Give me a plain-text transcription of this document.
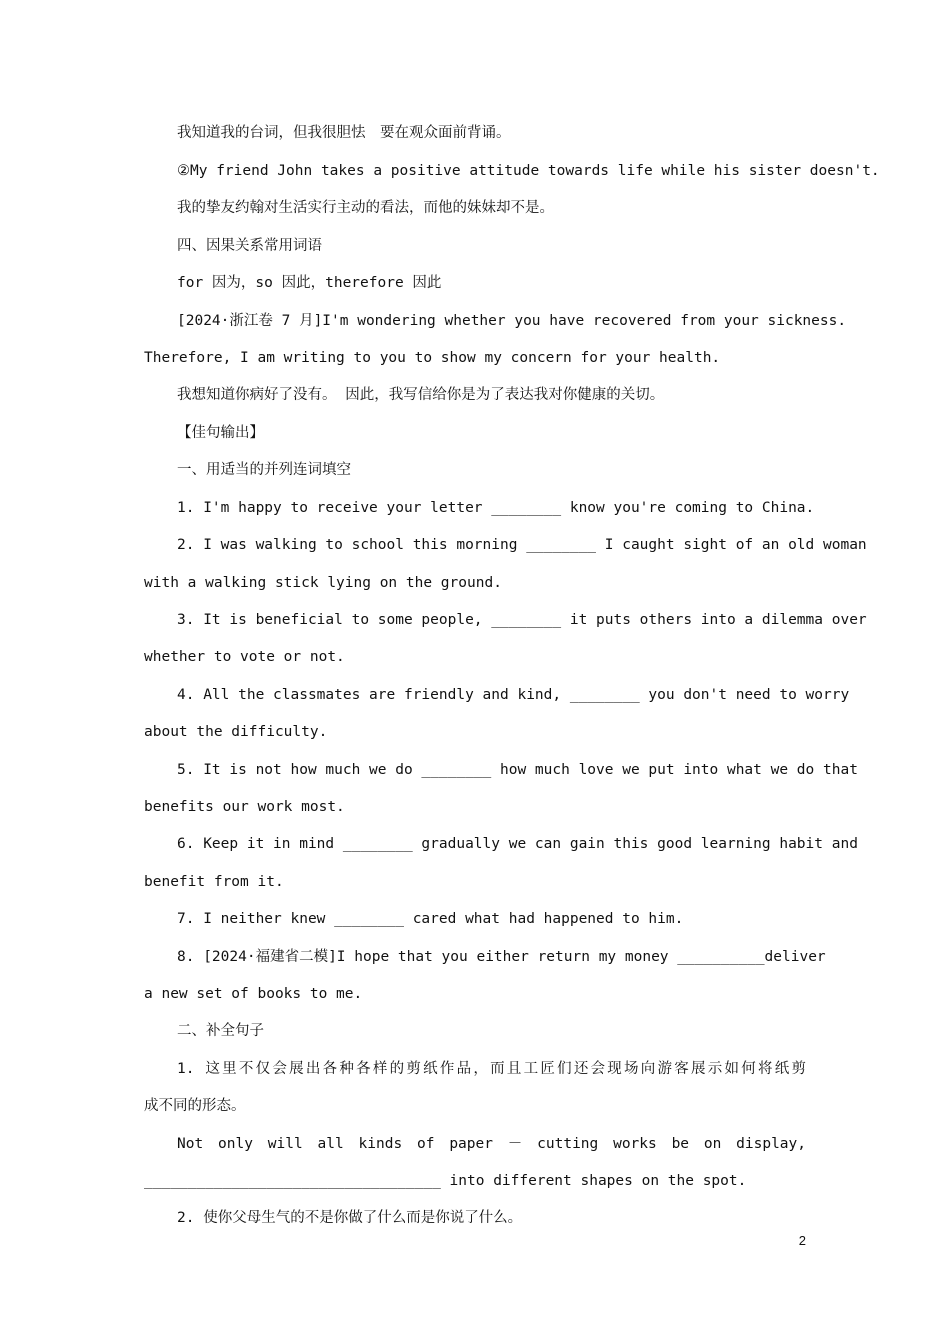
我知道我的台词，但我很胆怯　要在观众面前背诵。
②My friend John takes a positive attitude towards life while his sister doesn't.
我的挚友约翰对生活实行主动的看法，而他的妹妹却不是。
四、因果关系常用词语
for 因为，so 因此，therefore 因此
[2024·浙江卷 7 月]I'm wondering whether you have recovered from your sickness.
Therefore, I am writing to you to show my concern for your health.
我想知道你病好了没有。 因此，我写信给你是为了表达我对你健康的关切。
【佳句输出】
一、用适当的并列连词填空
1. I'm happy to receive your letter ________ know you're coming to China.
2. I was walking to school this morning ________ I caught sight of an old woman
with a walking stick lying on the ground.
3. It is beneficial to some people, ________ it puts others into a dilemma over
whether to vote or not.
4. All the classmates are friendly and kind, ________ you don't need to worry
about the difficulty.
5. It is not how much we do ________ how much love we put into what we do that
benefits our work most.
6. Keep it in mind ________ gradually we can gain this good learning habit and
benefit from it.
7. I neither knew ________ cared what had happened to him.
8. [2024·福建省二模]I hope that you either return my money __________deliver
a new set of books to me.
二、补全句子
1. 这里不仅会展出各种各样的剪纸作品，而且工匠们还会现场向游客展示如何将纸剪
成不同的形态。
Not only will all kinds of paper － cutting works be on display,
__________________________________ into different shapes on the spot.
2. 使你父母生气的不是你做了什么而是你说了什么。
2
